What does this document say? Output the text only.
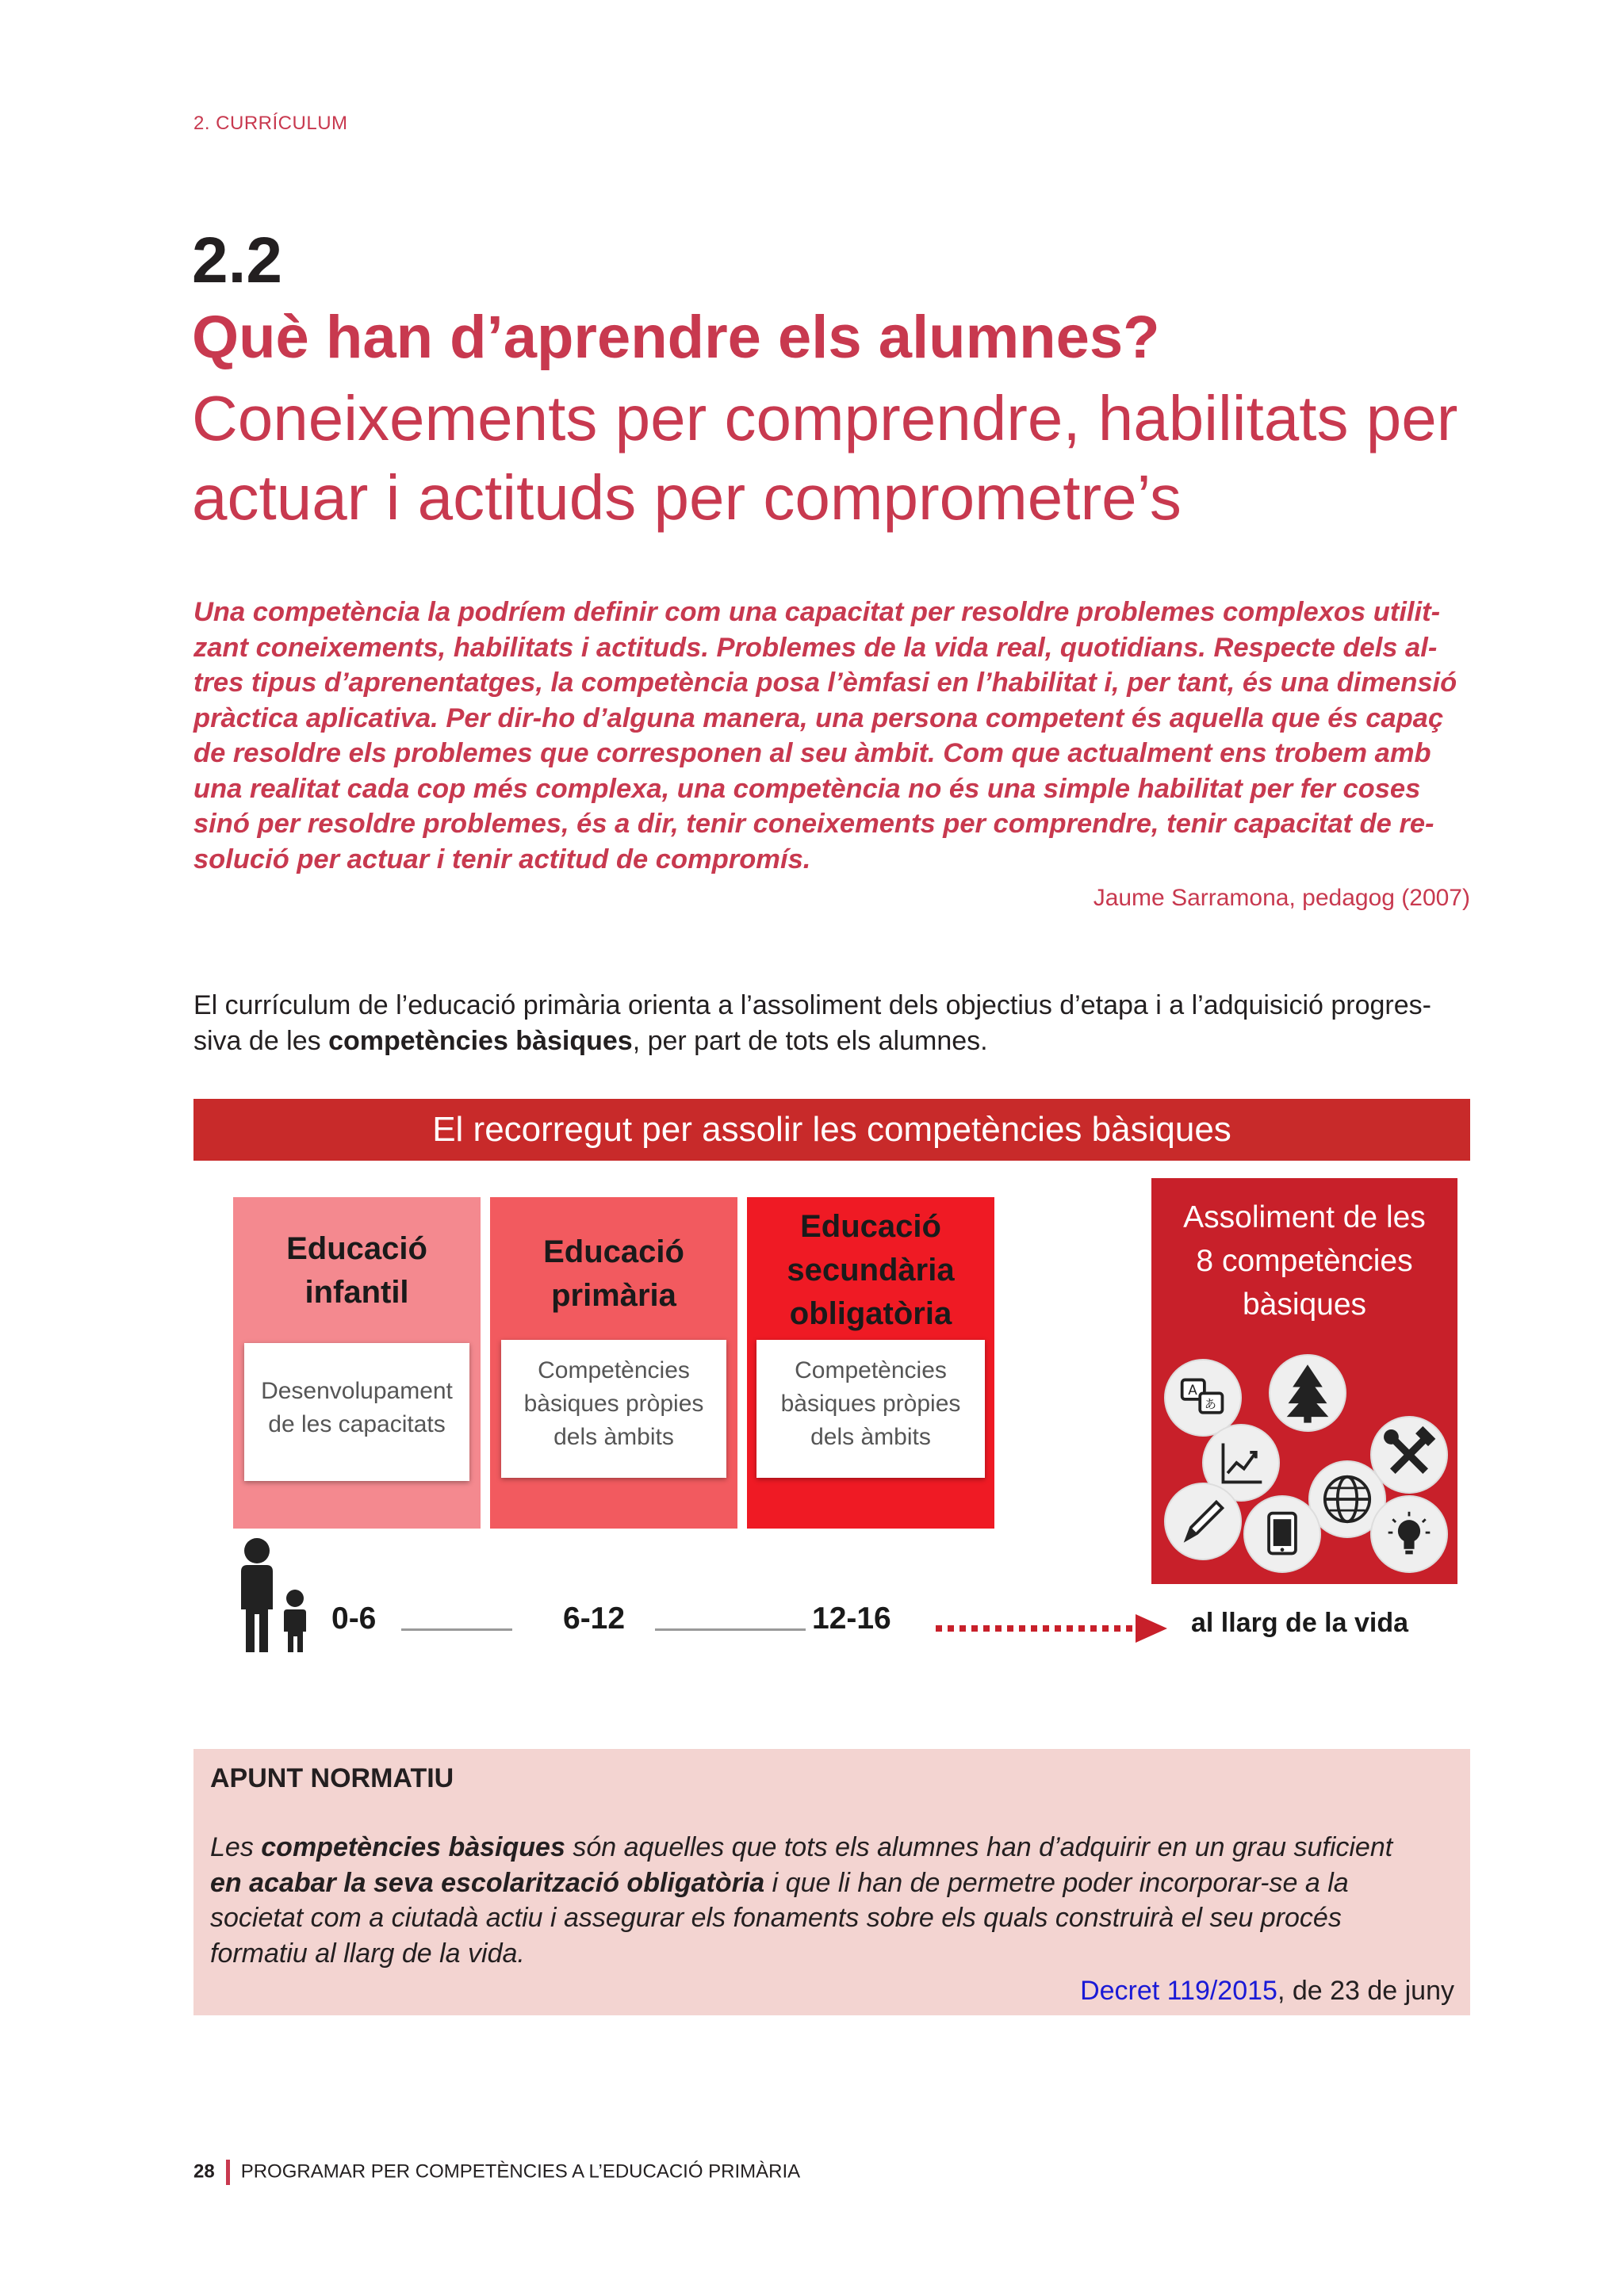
2. CURRÍCULUM
2.2
Què han d’aprendre els alumnes?
Coneixements per comprendre, habilitats per
actuar i actituds per comprometre’s

Una competència la podríem definir com una capacitat per resoldre problemes complexos utilit-
zant coneixements, habilitats i actituds. Problemes de la vida real, quotidians. Respecte dels al-
tres tipus d’aprenentatges, la competència posa l’èmfasi en l’habilitat i, per tant, és una dimensió
pràctica aplicativa. Per dir-ho d’alguna manera, una persona competent és aquella que és capaç
de resoldre els problemes que corresponen al seu àmbit. Com que actualment ens trobem amb
una realitat cada cop més complexa, una competència no és una simple habilitat per fer coses
sinó per resoldre problemes, és a dir, tenir coneixements per comprendre, tenir capacitat de re-
solució per actuar i tenir actitud de compromís.

Jaume Sarramona, pedagog (2007)
El currículum de l’educació primària orienta a l’assoliment dels objectius d’etapa i a l’adquisició progres-
siva de les competències bàsiques, per part de tots els alumnes.
El recorregut per assolir les competències bàsiques
Educació
infantil
Desenvolupament
de les capacitats
Educació
primària
Competències
bàsiques pròpies
dels àmbits
Educació
secundària
obligatòria
Competències
bàsiques pròpies
dels àmbits
Assoliment de les
8 competències
bàsiques
A
あ
0-6	6-12	12-16	al llarg de la vida
APUNT NORMATIU

Les competències bàsiques són aquelles que tots els alumnes han d’adquirir en un grau suficient
en acabar la seva escolarització obligatòria i que li han de permetre poder incorporar-se a la
societat com a ciutadà actiu i assegurar els fonaments sobre els quals construirà el seu procés
formatiu al llarg de la vida.

Decret 119/2015, de 23 de juny
28 PROGRAMAR PER COMPETÈNCIES A L’EDUCACIÓ PRIMÀRIA
